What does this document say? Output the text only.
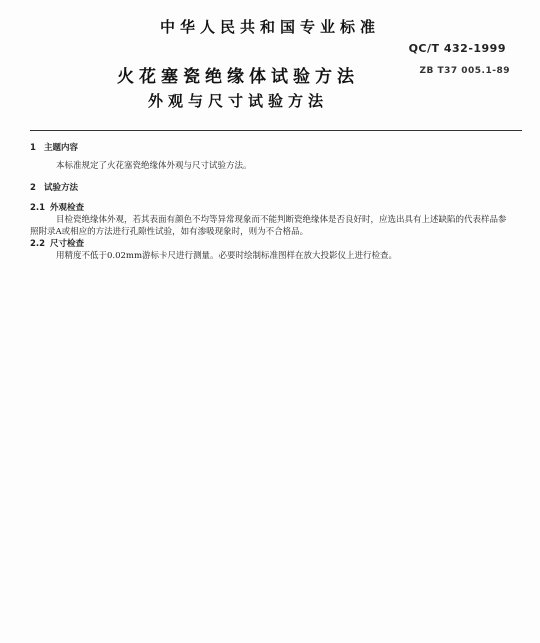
中华人民共和国专业标准
QC/T 432-1999
火花塞瓷绝缘体试验方法	ZB T37 005.1-89
外观与尺寸试验方法

1 主题内容

本标准规定了火花塞瓷绝缘体外观与尺寸试验方法。

2 试验方法

2.1 外观检查

目检瓷绝缘体外观，若其表面有颜色不均等异常现象而不能判断瓷绝缘体是否良好时，应选出具有上述缺陷的代表样品参照附录A或相应的方法进行孔隙性试验，如有渗吸现象时，则为不合格品。

2.2 尺寸检查

用精度不低于0.02mm游标卡尺进行测量。必要时绘制标准图样在放大投影仪上进行检查。
